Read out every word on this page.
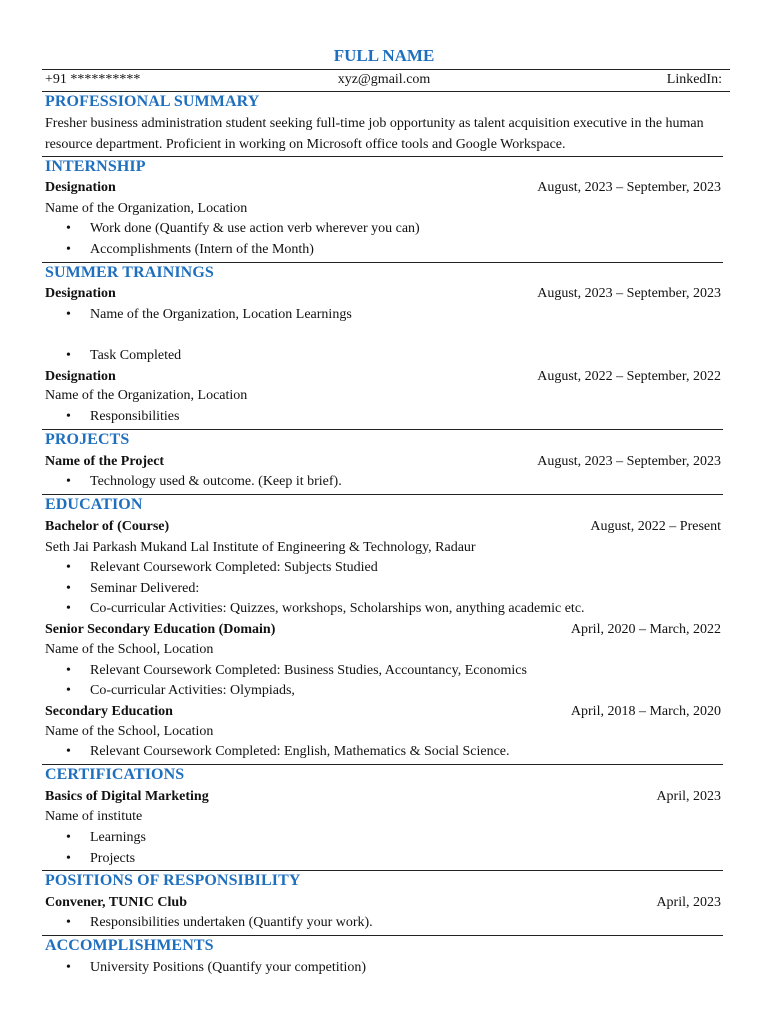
FULL NAME
+91 **********	xyz@gmail.com	LinkedIn:
PROFESSIONAL SUMMARY
Fresher business administration student seeking full-time job opportunity as talent acquisition executive in the human resource department. Proficient in working on Microsoft office tools and Google Workspace.
INTERNSHIP
Designation	August, 2023 – September, 2023
Name of the Organization, Location
• Work done (Quantify & use action verb wherever you can)
• Accomplishments (Intern of the Month)
SUMMER TRAININGS
Designation	August, 2023 – September, 2023
• Name of the Organization, Location Learnings
• Task Completed
Designation	August, 2022 – September, 2022
Name of the Organization, Location
• Responsibilities
PROJECTS
Name of the Project	August, 2023 – September, 2023
• Technology used & outcome. (Keep it brief).
EDUCATION
Bachelor of (Course)	August, 2022 – Present
Seth Jai Parkash Mukand Lal Institute of Engineering & Technology, Radaur
• Relevant Coursework Completed: Subjects Studied
• Seminar Delivered:
• Co-curricular Activities: Quizzes, workshops, Scholarships won, anything academic etc.
Senior Secondary Education (Domain)	April, 2020 – March, 2022
Name of the School, Location
• Relevant Coursework Completed: Business Studies, Accountancy, Economics
• Co-curricular Activities: Olympiads,
Secondary Education	April, 2018 – March, 2020
Name of the School, Location
• Relevant Coursework Completed: English, Mathematics & Social Science.
CERTIFICATIONS
Basics of Digital Marketing	April, 2023
Name of institute
• Learnings
• Projects
POSITIONS OF RESPONSIBILITY
Convener, TUNIC Club	April, 2023
• Responsibilities undertaken (Quantify your work).
ACCOMPLISHMENTS
• University Positions (Quantify your competition)
